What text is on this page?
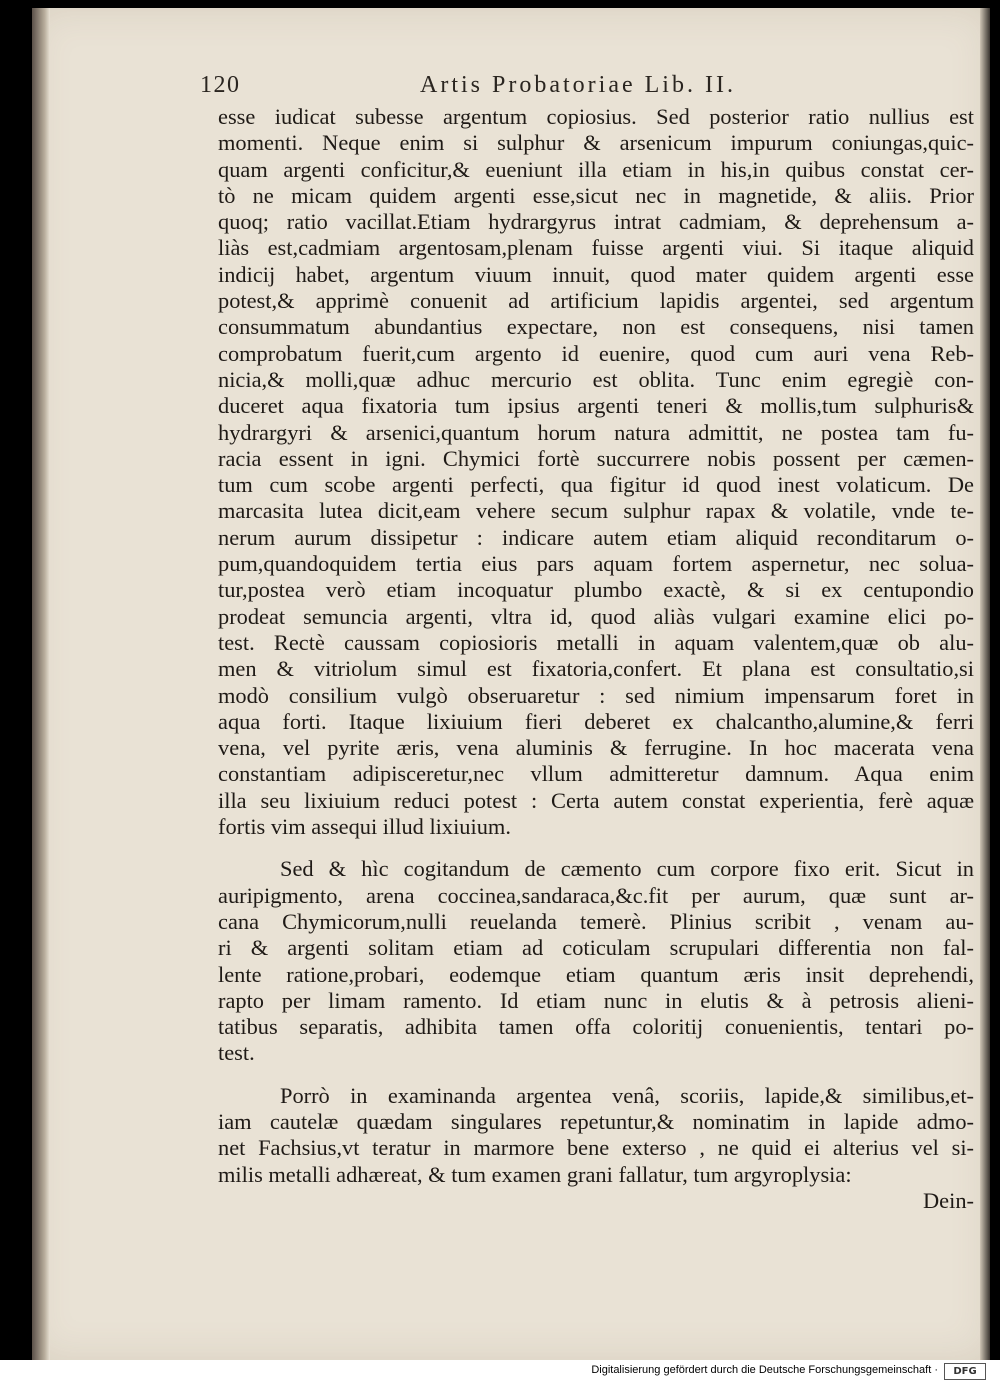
120	Artis Probatoriae Lib. II.
esse iudicat subesse argentum copiosius. Sed posterior ratio nullius est
momenti. Neque enim si sulphur & arsenicum impurum coniungas,quic-
quam argenti conficitur,& eueniunt illa etiam in his,in quibus constat cer-
tò ne micam quidem argenti esse,sicut nec in magnetide, & aliis. Prior
quoq; ratio vacillat.Etiam hydrargyrus intrat cadmiam, & deprehensum a-
liàs est,cadmiam argentosam,plenam fuisse argenti viui. Si itaque aliquid
indicij habet, argentum viuum innuit, quod mater quidem argenti esse
potest,& apprimè conuenit ad artificium lapidis argentei, sed argentum
consummatum abundantius expectare, non est consequens, nisi tamen
comprobatum fuerit,cum argento id euenire, quod cum auri vena Reb-
nicia,& molli,quæ adhuc mercurio est oblita. Tunc enim egregiè con-
duceret aqua fixatoria tum ipsius argenti teneri & mollis,tum sulphuris&
hydrargyri & arsenici,quantum horum natura admittit, ne postea tam fu-
racia essent in igni. Chymici fortè succurrere nobis possent per cæmen-
tum cum scobe argenti perfecti, qua figitur id quod inest volaticum. De
marcasita lutea dicit,eam vehere secum sulphur rapax & volatile, vnde te-
nerum aurum dissipetur : indicare autem etiam aliquid reconditarum o-
pum,quandoquidem tertia eius pars aquam fortem aspernetur, nec solua-
tur,postea verò etiam incoquatur plumbo exactè, & si ex centupondio
prodeat semuncia argenti, vltra id, quod aliàs vulgari examine elici po-
test. Rectè caussam copiosioris metalli in aquam valentem,quæ ob alu-
men & vitriolum simul est fixatoria,confert. Et plana est consultatio,si
modò consilium vulgò obseruaretur : sed nimium impensarum foret in
aqua forti. Itaque lixiuium fieri deberet ex chalcantho,alumine,& ferri
vena, vel pyrite æris, vena aluminis & ferrugine. In hoc macerata vena
constantiam adipisceretur,nec vllum admitteretur damnum. Aqua enim
illa seu lixiuium reduci potest : Certa autem constat experientia, ferè aquæ
fortis vim assequi illud lixiuium.
Sed & hìc cogitandum de cæmento cum corpore fixo erit. Sicut in
auripigmento, arena coccinea,sandaraca,&c.fit per aurum, quæ sunt ar-
cana Chymicorum,nulli reuelanda temerè. Plinius scribit , venam au-
ri & argenti solitam etiam ad coticulam scrupulari differentia non fal-
lente ratione,probari, eodemque etiam quantum æris insit deprehendi,
rapto per limam ramento. Id etiam nunc in elutis & à petrosis alieni-
tatibus separatis, adhibita tamen offa coloritij conuenientis, tentari po-
test.
Porrò in examinanda argentea venâ, scoriis, lapide,& similibus,et-
iam cautelæ quædam singulares repetuntur,& nominatim in lapide admo-
net Fachsius,vt teratur in marmore bene exterso , ne quid ei alterius vel si-
milis metalli adhæreat, & tum examen grani fallatur, tum argyroplysia:
Dein-
Digitalisierung gefördert durch die Deutsche Forschungsgemeinschaft ·	DFG
